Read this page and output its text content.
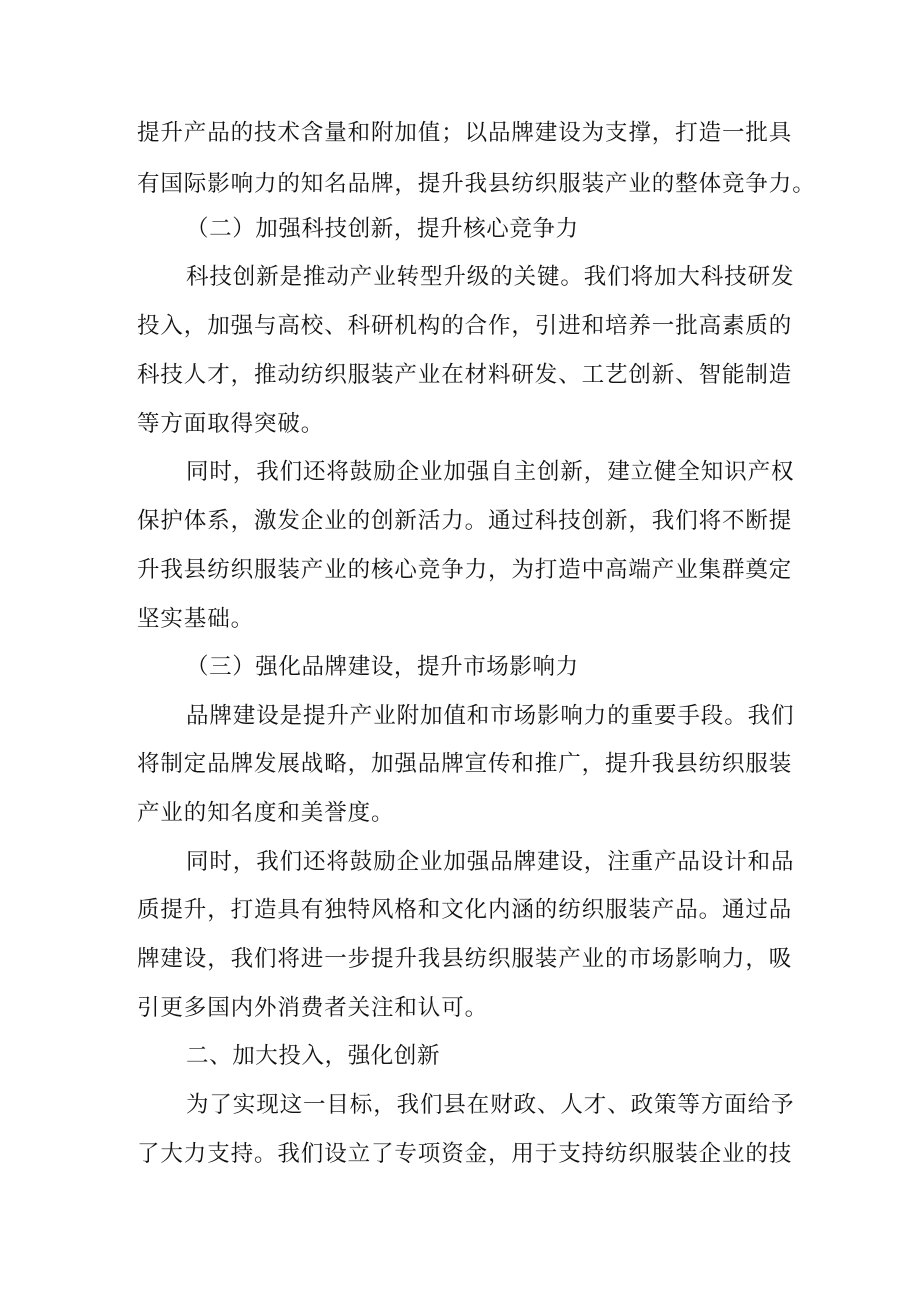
提升产品的技术含量和附加值；以品牌建设为支撑，打造一批具
有国际影响力的知名品牌，提升我县纺织服装产业的整体竞争力。
（二）加强科技创新，提升核心竞争力
科技创新是推动产业转型升级的关键。我们将加大科技研发
投入，加强与高校、科研机构的合作，引进和培养一批高素质的
科技人才，推动纺织服装产业在材料研发、工艺创新、智能制造
等方面取得突破。
同时，我们还将鼓励企业加强自主创新，建立健全知识产权
保护体系，激发企业的创新活力。通过科技创新，我们将不断提
升我县纺织服装产业的核心竞争力，为打造中高端产业集群奠定
坚实基础。
（三）强化品牌建设，提升市场影响力
品牌建设是提升产业附加值和市场影响力的重要手段。我们
将制定品牌发展战略，加强品牌宣传和推广，提升我县纺织服装
产业的知名度和美誉度。
同时，我们还将鼓励企业加强品牌建设，注重产品设计和品
质提升，打造具有独特风格和文化内涵的纺织服装产品。通过品
牌建设，我们将进一步提升我县纺织服装产业的市场影响力，吸
引更多国内外消费者关注和认可。
二、加大投入，强化创新
为了实现这一目标，我们县在财政、人才、政策等方面给予
了大力支持。我们设立了专项资金，用于支持纺织服装企业的技
